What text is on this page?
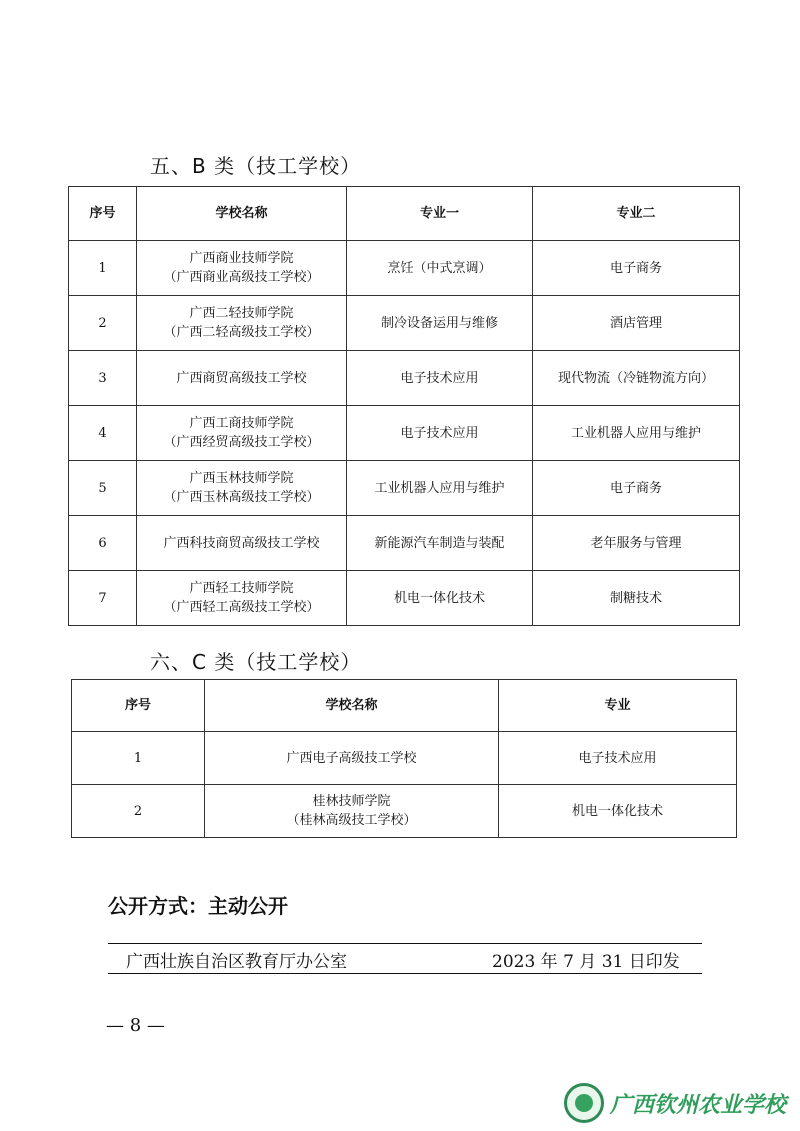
五、B 类（技工学校）
序号	学校名称	专业一	专业二
1	广西商业技师学院
（广西商业高级技工学校）	烹饪（中式烹调）	电子商务
2	广西二轻技师学院
（广西二轻高级技工学校）	制冷设备运用与维修	酒店管理
3	广西商贸高级技工学校	电子技术应用	现代物流（冷链物流方向）
4	广西工商技师学院
（广西经贸高级技工学校）	电子技术应用	工业机器人应用与维护
5	广西玉林技师学院
（广西玉林高级技工学校）	工业机器人应用与维护	电子商务
6	广西科技商贸高级技工学校	新能源汽车制造与装配	老年服务与管理
7	广西轻工技师学院
（广西轻工高级技工学校）	机电一体化技术	制糖技术
六、C 类（技工学校）
序号	学校名称	专业
1	广西电子高级技工学校	电子技术应用
2	桂林技师学院
（桂林高级技工学校）	机电一体化技术
公开方式：主动公开
广西壮族自治区教育厅办公室	2023 年 7 月 31 日印发
— 8 —
广西钦州农业学校
